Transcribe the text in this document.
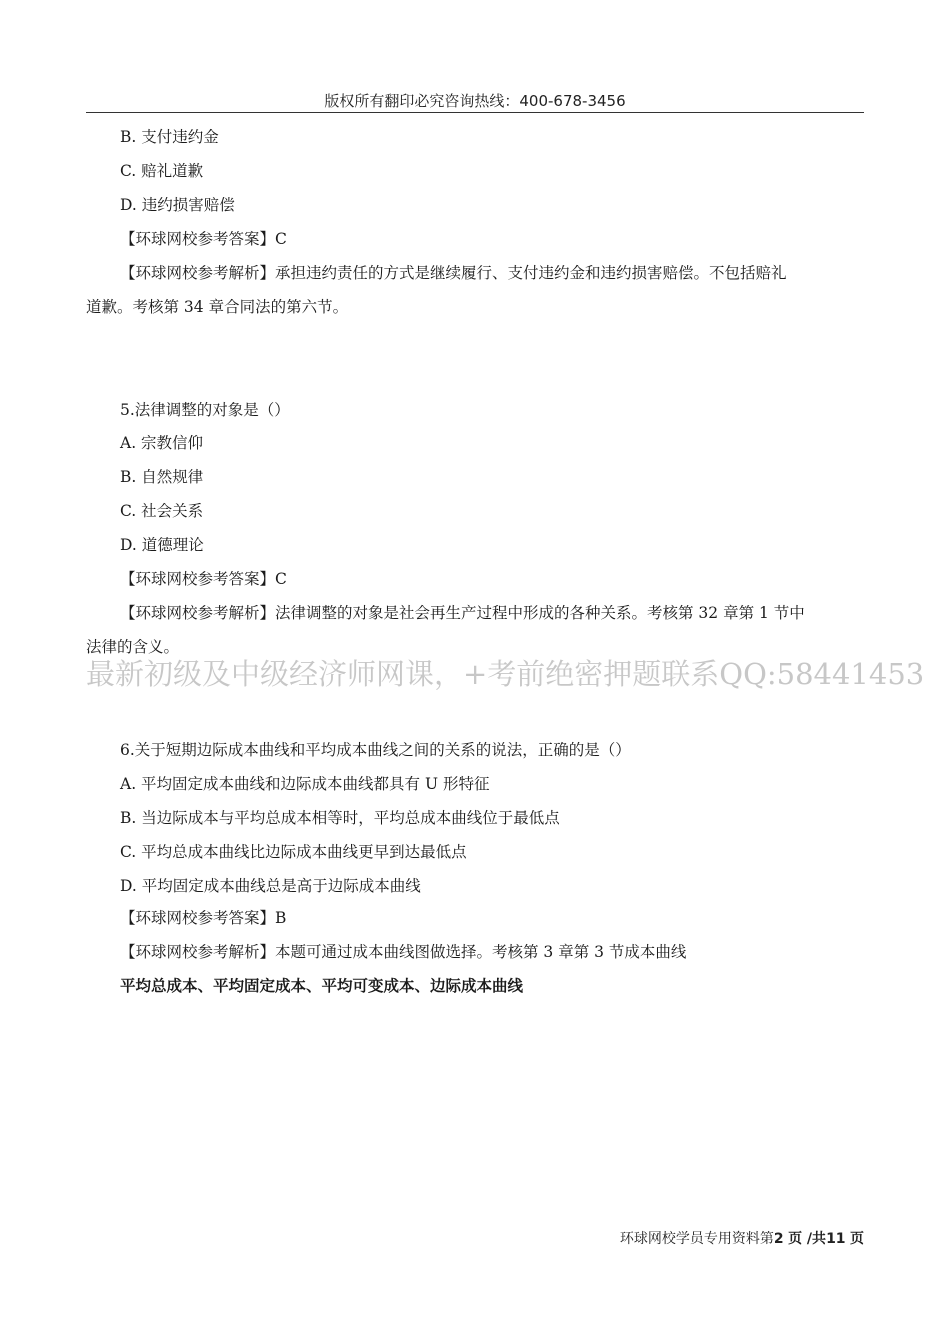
版权所有翻印必究咨询热线：400-678-3456
B. 支付违约金
C. 赔礼道歉
D. 违约损害赔偿
【环球网校参考答案】C
【环球网校参考解析】承担违约责任的方式是继续履行、支付违约金和违约损害赔偿。不包括赔礼
道歉。考核第 34 章合同法的第六节。
5.法律调整的对象是（）
A. 宗教信仰
B. 自然规律
C. 社会关系
D. 道德理论
【环球网校参考答案】C
【环球网校参考解析】法律调整的对象是社会再生产过程中形成的各种关系。考核第 32 章第 1 节中
法律的含义。
最新初级及中级经济师网课，+考前绝密押题联系QQ:58441453
6.关于短期边际成本曲线和平均成本曲线之间的关系的说法，正确的是（）
A. 平均固定成本曲线和边际成本曲线都具有 U 形特征
B. 当边际成本与平均总成本相等时，平均总成本曲线位于最低点
C. 平均总成本曲线比边际成本曲线更早到达最低点
D. 平均固定成本曲线总是高于边际成本曲线
【环球网校参考答案】B
【环球网校参考解析】本题可通过成本曲线图做选择。考核第 3 章第 3 节成本曲线
平均总成本、平均固定成本、平均可变成本、边际成本曲线
环球网校学员专用资料第2 页 /共11 页
